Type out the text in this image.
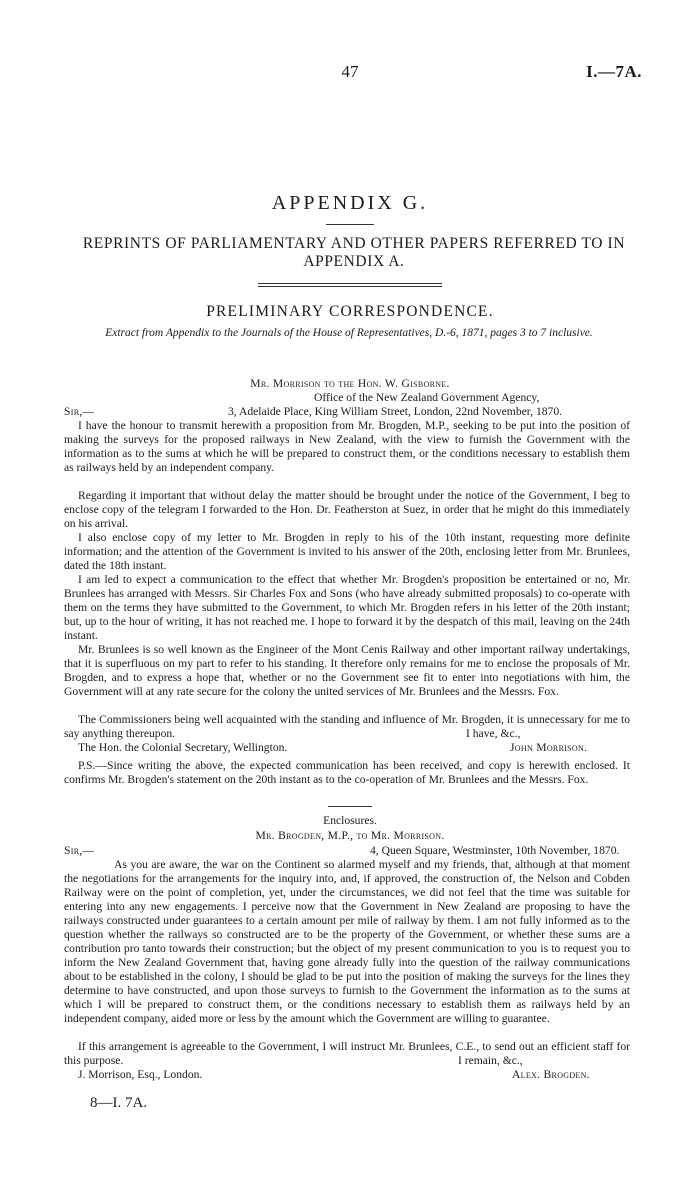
47	I.—7A.
APPENDIX G.
REPRINTS OF PARLIAMENTARY AND OTHER PAPERS REFERRED TO IN APPENDIX A.
PRELIMINARY CORRESPONDENCE.
Extract from Appendix to the Journals of the House of Representatives, D.-6, 1871, pages 3 to 7 inclusive.
Mr. Morrison to the Hon. W. Gisborne.
Office of the New Zealand Government Agency,
Sir,—	3, Adelaide Place, King William Street, London, 22nd November, 1870.
I have the honour to transmit herewith a proposition from Mr. Brogden, M.P., seeking to be put into the position of making the surveys for the proposed railways in New Zealand, with the view to furnish the Government with the information as to the sums at which he will be prepared to construct them, or the conditions necessary to establish them as railways held by an independent company.
Regarding it important that without delay the matter should be brought under the notice of the Government, I beg to enclose copy of the telegram I forwarded to the Hon. Dr. Featherston at Suez, in order that he might do this immediately on his arrival.
I also enclose copy of my letter to Mr. Brogden in reply to his of the 10th instant, requesting more definite information; and the attention of the Government is invited to his answer of the 20th, enclosing letter from Mr. Brunlees, dated the 18th instant.
I am led to expect a communication to the effect that whether Mr. Brogden's proposition be entertained or no, Mr. Brunlees has arranged with Messrs. Sir Charles Fox and Sons (who have already submitted proposals) to co-operate with them on the terms they have submitted to the Government, to which Mr. Brogden refers in his letter of the 20th instant; but, up to the hour of writing, it has not reached me. I hope to forward it by the despatch of this mail, leaving on the 24th instant.
Mr. Brunlees is so well known as the Engineer of the Mont Cenis Railway and other important railway undertakings, that it is superfluous on my part to refer to his standing. It therefore only remains for me to enclose the proposals of Mr. Brogden, and to express a hope that, whether or no the Government see fit to enter into negotiations with him, the Government will at any rate secure for the colony the united services of Mr. Brunlees and the Messrs. Fox.
The Commissioners being well acquainted with the standing and influence of Mr. Brogden, it is unnecessary for me to say anything thereupon.	I have, &c.,
The Hon. the Colonial Secretary, Wellington.	John Morrison.
P.S.—Since writing the above, the expected communication has been received, and copy is herewith enclosed. It confirms Mr. Brogden's statement on the 20th instant as to the co-operation of Mr. Brunlees and the Messrs. Fox.
Enclosures.
Mr. Brogden, M.P., to Mr. Morrison.
Sir,—	4, Queen Square, Westminster, 10th November, 1870.
As you are aware, the war on the Continent so alarmed myself and my friends, that, although at that moment the negotiations for the arrangements for the inquiry into, and, if approved, the construction of, the Nelson and Cobden Railway were on the point of completion, yet, under the circumstances, we did not feel that the time was suitable for entering into any new engagements. I perceive now that the Government in New Zealand are proposing to have the railways constructed under guarantees to a certain amount per mile of railway by them. I am not fully informed as to the question whether the railways so constructed are to be the property of the Government, or whether these sums are a contribution pro tanto towards their construction; but the object of my present communication to you is to request you to inform the New Zealand Government that, having gone already fully into the question of the railway communications about to be established in the colony, I should be glad to be put into the position of making the surveys for the lines they determine to have constructed, and upon those surveys to furnish to the Government the information as to the sums at which I will be prepared to construct them, or the conditions necessary to establish them as railways held by an independent company, aided more or less by the amount which the Government are willing to guarantee.
If this arrangement is agreeable to the Government, I will instruct Mr. Brunlees, C.E., to send out an efficient staff for this purpose.	I remain, &c.,
J. Morrison, Esq., London.	Alex. Brogden.
8—I. 7A.
